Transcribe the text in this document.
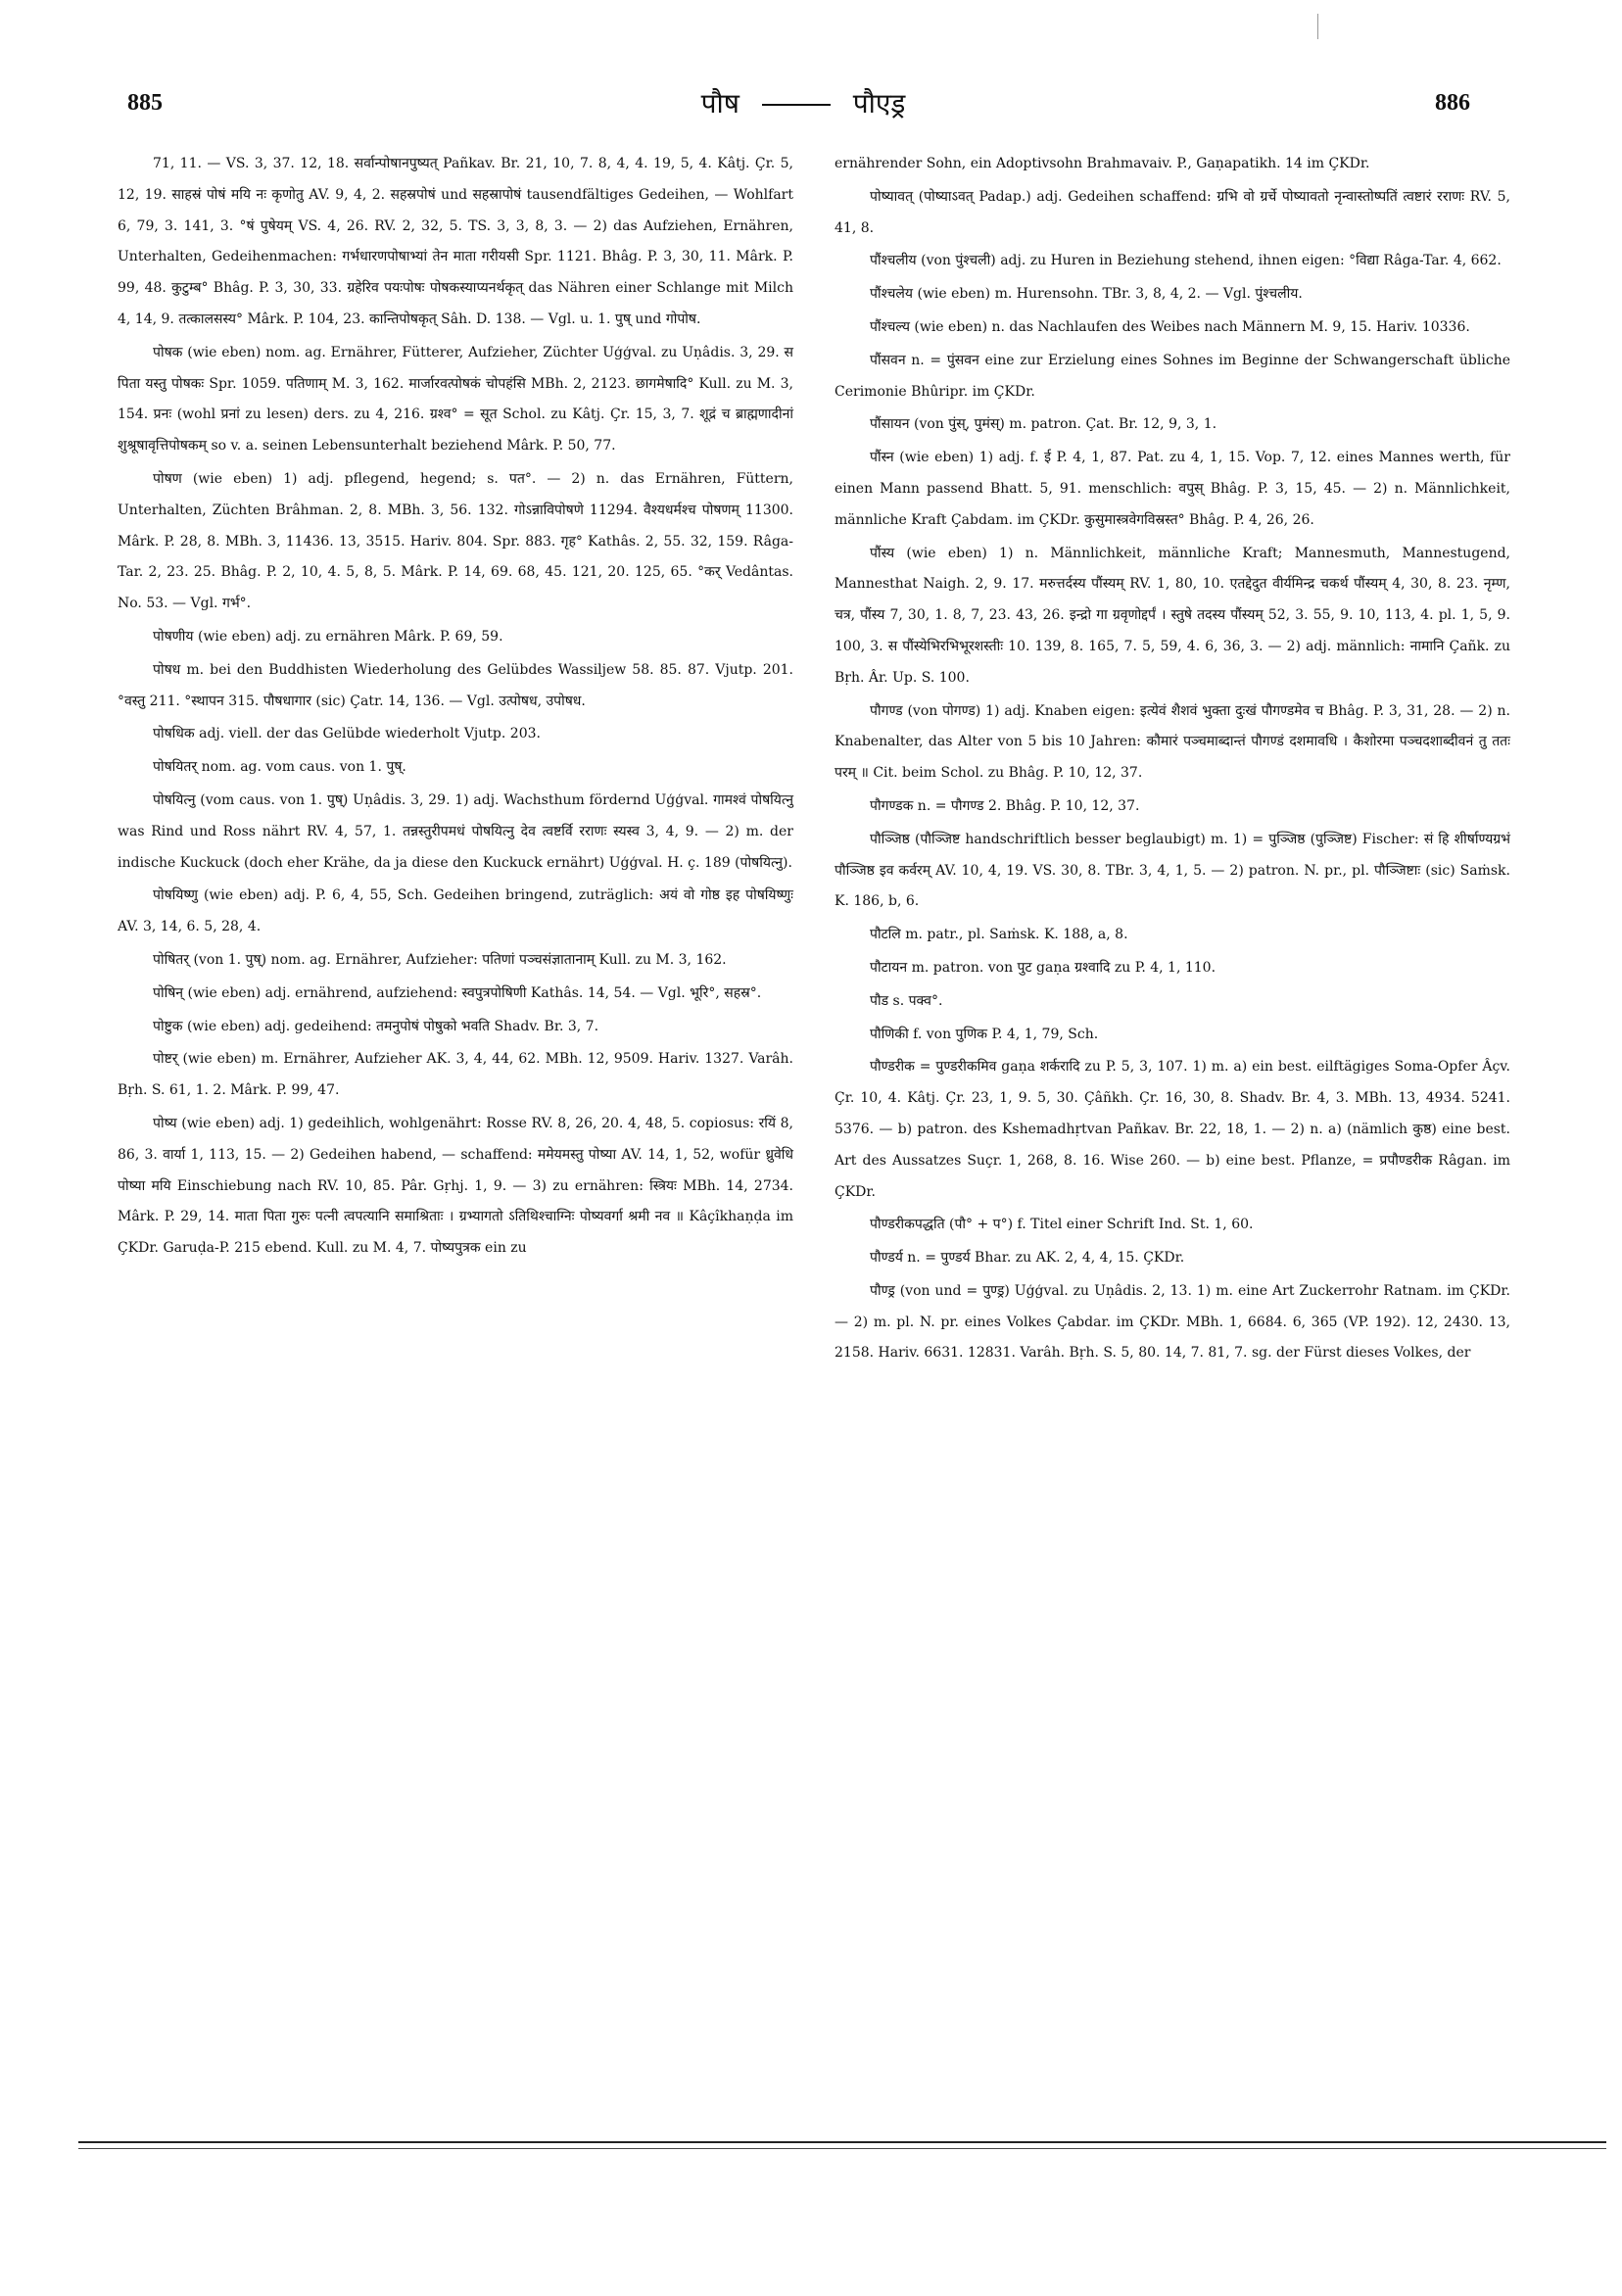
885	पौष	पौएड्र	886

71, 11. — VS. 3, 37. 12, 18. सर्वान्पोषानपुष्यत् Pañkav. Br. 21, 10, 7. 8, 4, 4. 19, 5, 4. Kâtj. Çr. 5, 12, 19. साहस्रं पोषं मयि नः कृणोतु AV. 9, 4, 2. सहस्रपोषं und सहस्रापोषं tausendfältiges Gedeihen, — Wohlfart 6, 79, 3. 141, 3. °षं पुषेयम् VS. 4, 26. RV. 2, 32, 5. TS. 3, 3, 8, 3. — 2) das Aufziehen, Ernähren, Unterhalten, Gedeihenmachen: गर्भधारणपोषाभ्यां तेन माता गरीयसी Spr. 1121. Bhâg. P. 3, 30, 11. Mârk. P. 99, 48. कुटुम्ब° Bhâg. P. 3, 30, 33. ग्रहेरिव पयःपोषः पोषकस्याप्यनर्थकृत् das Nähren einer Schlange mit Milch 4, 14, 9. तत्कालसस्य° Mârk. P. 104, 23. कान्तिपोषकृत् Sâh. D. 138. — Vgl. u. 1. पुष् und गोपोष.

पोषक (wie eben) nom. ag. Ernährer, Fütterer, Aufzieher, Züchter Uģģval. zu Uṇâdis. 3, 29. स पिता यस्तु पोषकः Spr. 1059. पतिणाम् M. 3, 162. मार्जारवत्पोषकं चोपहंसि MBh. 2, 2123. छागमेषादि° Kull. zu M. 3, 154. प्रनः (wohl प्रनां zu lesen) ders. zu 4, 216. ग्रश्व° = सूत Schol. zu Kâtj. Çr. 15, 3, 7. शूद्रं च ब्राह्मणादीनां शुश्रूषावृत्तिपोषकम् so v. a. seinen Lebensunterhalt beziehend Mârk. P. 50, 77.

पोषण (wie eben) 1) adj. pflegend, hegend; s. पत°. — 2) n. das Ernähren, Füttern, Unterhalten, Züchten Brâhman. 2, 8. MBh. 3, 56. 132. गोऽन्नाविपोषणे 11294. वैश्यधर्मश्च पोषणम् 11300. Mârk. P. 28, 8. MBh. 3, 11436. 13, 3515. Hariv. 804. Spr. 883. गृह° Kathâs. 2, 55. 32, 159. Râga-Tar. 2, 23. 25. Bhâg. P. 2, 10, 4. 5, 8, 5. Mârk. P. 14, 69. 68, 45. 121, 20. 125, 65. °कर् Vedântas. No. 53. — Vgl. गर्भ°.

पोषणीय (wie eben) adj. zu ernähren Mârk. P. 69, 59.

पोषध m. bei den Buddhisten Wiederholung des Gelübdes Wassiljew 58. 85. 87. Vjutp. 201. °वस्तु 211. °स्थापन 315. पौषधागार (sic) Çatr. 14, 136. — Vgl. उत्पोषध, उपोषध.

पोषधिक adj. viell. der das Gelübde wiederholt Vjutp. 203.

पोषयितर् nom. ag. vom caus. von 1. पुष्.

पोषयित्नु (vom caus. von 1. पुष्) Uṇâdis. 3, 29. 1) adj. Wachsthum fördernd Uģģval. गामश्वं पोषयित्नु was Rind und Ross nährt RV. 4, 57, 1. तन्नस्तुरीपमधं पोषयित्नु देव त्वष्टर्वि रराणः स्यस्व 3, 4, 9. — 2) m. der indische Kuckuck (doch eher Krähe, da ja diese den Kuckuck ernährt) Uģģval. H. ç. 189 (पोषयित्नु).

पोषयिष्णु (wie eben) adj. P. 6, 4, 55, Sch. Gedeihen bringend, zuträglich: अयं वो गोष्ठ इह पोषयिष्णुः AV. 3, 14, 6. 5, 28, 4.

पोषितर् (von 1. पुष्) nom. ag. Ernährer, Aufzieher: पतिणां पञ्चसंज्ञातानाम् Kull. zu M. 3, 162.

पोषिन् (wie eben) adj. ernährend, aufziehend: स्वपुत्रपोषिणी Kathâs. 14, 54. — Vgl. भूरि°, सहस्र°.

पोष्टुक (wie eben) adj. gedeihend: तमनुपोषं पोषुको भवति Shadv. Br. 3, 7.

पोष्टर् (wie eben) m. Ernährer, Aufzieher AK. 3, 4, 44, 62. MBh. 12, 9509. Hariv. 1327. Varâh. Bṛh. S. 61, 1. 2. Mârk. P. 99, 47.

पोष्य (wie eben) adj. 1) gedeihlich, wohlgenährt: Rosse RV. 8, 26, 20. 4, 48, 5. copiosus: रयिं 8, 86, 3. वार्या 1, 113, 15. — 2) Gedeihen habend, — schaffend: ममेयमस्तु पोष्या AV. 14, 1, 52, wofür ध्रुवेधि पोष्या मयि Einschiebung nach RV. 10, 85. Pâr. Gṛhj. 1, 9. — 3) zu ernähren: स्त्रियः MBh. 14, 2734. Mârk. P. 29, 14. माता पिता गुरुः पत्नी त्वपत्यानि समाश्रिताः । ग्रभ्यागतो ऽतिथिश्चाग्निः पोष्यवर्गा श्रमी नव ॥ Kâçîkhaṇḍa im ÇKDr. Garuḍa-P. 215 ebend. Kull. zu M. 4, 7. पोष्यपुत्रक ein zu

ernährender Sohn, ein Adoptivsohn Brahmavaiv. P., Gaṇapatikh. 14 im ÇKDr.

पोष्यावत् (पोष्याऽवत् Padap.) adj. Gedeihen schaffend: ग्रभि वो ग्रर्चे पोष्यावतो नृन्वास्तोष्पतिं त्वष्टारं रराणः RV. 5, 41, 8.

पौंश्चलीय (von पुंश्चली) adj. zu Huren in Beziehung stehend, ihnen eigen: °विद्या Râga-Tar. 4, 662.

पौंश्चलेय (wie eben) m. Hurensohn. TBr. 3, 8, 4, 2. — Vgl. पुंश्चलीय.

पौंश्चल्य (wie eben) n. das Nachlaufen des Weibes nach Männern M. 9, 15. Hariv. 10336.

पौंसवन n. = पुंसवन eine zur Erzielung eines Sohnes im Beginne der Schwangerschaft übliche Cerimonie Bhûripr. im ÇKDr.

पौंसायन (von पुंस्, पुमंस्) m. patron. Çat. Br. 12, 9, 3, 1.

पौंस्न (wie eben) 1) adj. f. ई P. 4, 1, 87. Pat. zu 4, 1, 15. Vop. 7, 12. eines Mannes werth, für einen Mann passend Bhatt. 5, 91. menschlich: वपुस् Bhâg. P. 3, 15, 45. — 2) n. Männlichkeit, männliche Kraft Çabdam. im ÇKDr. कुसुमास्त्रवेगविस्रस्त° Bhâg. P. 4, 26, 26.

पौंस्य (wie eben) 1) n. Männlichkeit, männliche Kraft; Mannesmuth, Mannestugend, Mannesthat Naigh. 2, 9. 17. मरुत्तर्दस्य पौंस्यम् RV. 1, 80, 10. एतद्देदुत वीर्यमिन्द्र चकर्थ पौंस्यम् 4, 30, 8. 23. नृम्ण, चत्र, पौंस्य 7, 30, 1. 8, 7, 23. 43, 26. इन्द्रो गा ग्रवृणोद्दर्पं । स्तुषे तदस्य पौंस्यम् 52, 3. 55, 9. 10, 113, 4. pl. 1, 5, 9. 100, 3. स पौंस्येभिरभिभूरशस्तीः 10. 139, 8. 165, 7. 5, 59, 4. 6, 36, 3. — 2) adj. männlich: नामानि Çañk. zu Bṛh. Âr. Up. S. 100.

पौगण्ड (von पोगण्ड) 1) adj. Knaben eigen: इत्येवं शैशवं भुक्ता दुःखं पौगण्डमेव च Bhâg. P. 3, 31, 28. — 2) n. Knabenalter, das Alter von 5 bis 10 Jahren: कौमारं पञ्चमाब्दान्तं पौगण्डं दशमावधि । कैशोरमा पञ्चदशाब्दीवनं तु ततः परम् ॥ Cit. beim Schol. zu Bhâg. P. 10, 12, 37.

पौगण्डक n. = पौगण्ड 2. Bhâg. P. 10, 12, 37.

पौञ्जिष्ठ (पौञ्जिष्ट handschriftlich besser beglaubigt) m. 1) = पुञ्जिष्ठ (पुञ्जिष्ट) Fischer: सं हि शीर्षाण्यग्रभं पौञ्जिष्ठ इव कर्वरम् AV. 10, 4, 19. VS. 30, 8. TBr. 3, 4, 1, 5. — 2) patron. N. pr., pl. पौञ्जिष्टाः (sic) Saṁsk. K. 186, b, 6.

पौटलि m. patr., pl. Saṁsk. K. 188, a, 8.

पौटायन m. patron. von पुट gaṇa ग्रश्वादि zu P. 4, 1, 110.

पौड s. पक्व°.

पौणिकी f. von पुणिक P. 4, 1, 79, Sch.

पौण्डरीक = पुण्डरीकमिव gaṇa शर्करादि zu P. 5, 3, 107. 1) m. a) ein best. eilftägiges Soma-Opfer Âçv. Çr. 10, 4. Kâtj. Çr. 23, 1, 9. 5, 30. Çâñkh. Çr. 16, 30, 8. Shadv. Br. 4, 3. MBh. 13, 4934. 5241. 5376. — b) patron. des Kshemadhṛtvan Pañkav. Br. 22, 18, 1. — 2) n. a) (nämlich कुष्ठ) eine best. Art des Aussatzes Suçr. 1, 268, 8. 16. Wise 260. — b) eine best. Pflanze, = प्रपौण्डरीक Râgan. im ÇKDr.

पौण्डरीकपद्धति (पौ° + प°) f. Titel einer Schrift Ind. St. 1, 60.

पौण्डर्य n. = पुण्डर्य Bhar. zu AK. 2, 4, 4, 15. ÇKDr.

पौण्ड्र (von und = पुण्ड्र) Uģģval. zu Uṇâdis. 2, 13. 1) m. eine Art Zuckerrohr Ratnam. im ÇKDr. — 2) m. pl. N. pr. eines Volkes Çabdar. im ÇKDr. MBh. 1, 6684. 6, 365 (VP. 192). 12, 2430. 13, 2158. Hariv. 6631. 12831. Varâh. Bṛh. S. 5, 80. 14, 7. 81, 7. sg. der Fürst dieses Volkes, der
